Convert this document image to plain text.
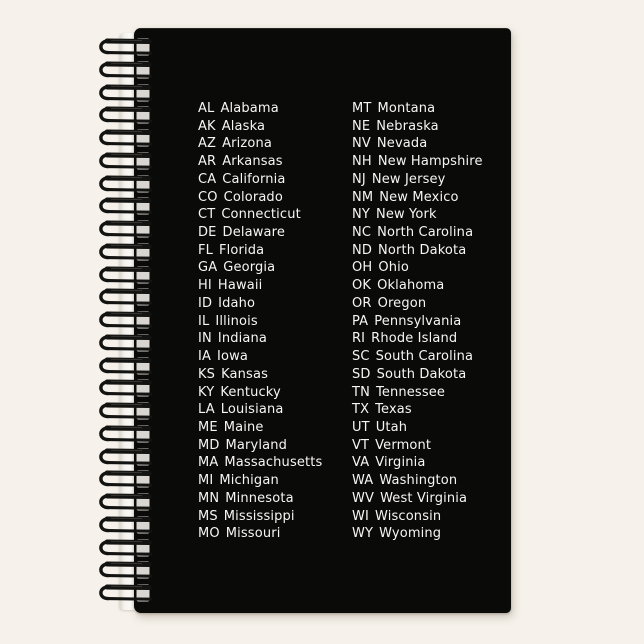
AL Alabama
AK Alaska
AZ Arizona
AR Arkansas
CA California
CO Colorado
CT Connecticut
DE Delaware
FL Florida
GA Georgia
HI Hawaii
ID Idaho
IL Illinois
IN Indiana
IA Iowa
KS Kansas
KY Kentucky
LA Louisiana
ME Maine
MD Maryland
MA Massachusetts
MI Michigan
MN Minnesota
MS Mississippi
MO Missouri
MT Montana
NE Nebraska
NV Nevada
NH New Hampshire
NJ New Jersey
NM New Mexico
NY New York
NC North Carolina
ND North Dakota
OH Ohio
OK Oklahoma
OR Oregon
PA Pennsylvania
RI Rhode Island
SC South Carolina
SD South Dakota
TN Tennessee
TX Texas
UT Utah
VT Vermont
VA Virginia
WA Washington
WV West Virginia
WI Wisconsin
WY Wyoming
